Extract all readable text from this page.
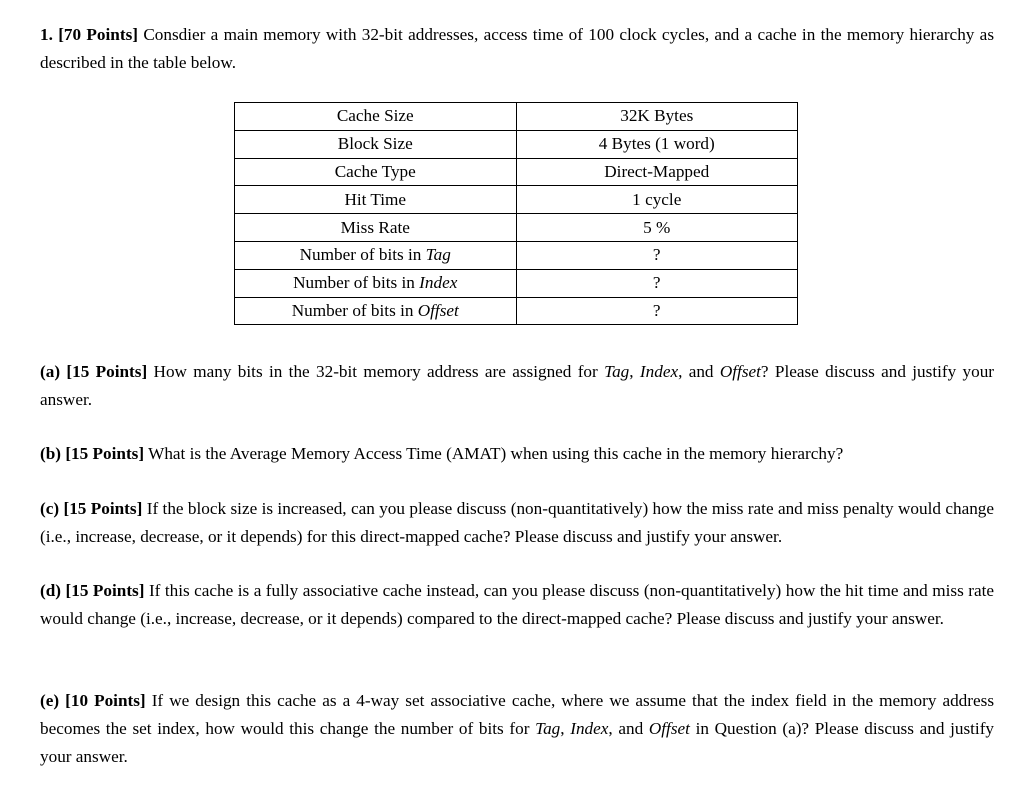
1. [70 Points] Consdier a main memory with 32-bit addresses, access time of 100 clock cycles, and a cache in the memory hierarchy as described in the table below.

Cache Size	32K Bytes
Block Size	4 Bytes (1 word)
Cache Type	Direct-Mapped
Hit Time	1 cycle
Miss Rate	5 %
Number of bits in Tag	?
Number of bits in Index	?
Number of bits in Offset	?

(a) [15 Points] How many bits in the 32-bit memory address are assigned for Tag, Index, and Offset? Please discuss and justify your answer.

(b) [15 Points] What is the Average Memory Access Time (AMAT) when using this cache in the memory hierarchy?

(c) [15 Points] If the block size is increased, can you please discuss (non-quantitatively) how the miss rate and miss penalty would change (i.e., increase, decrease, or it depends) for this direct-mapped cache? Please discuss and justify your answer.

(d) [15 Points] If this cache is a fully associative cache instead, can you please discuss (non-quantitatively) how the hit time and miss rate would change (i.e., increase, decrease, or it depends) compared to the direct-mapped cache? Please discuss and justify your answer.

(e) [10 Points] If we design this cache as a 4-way set associative cache, where we assume that the index field in the memory address becomes the set index, how would this change the number of bits for Tag, Index, and Offset in Question (a)? Please discuss and justify your answer.
